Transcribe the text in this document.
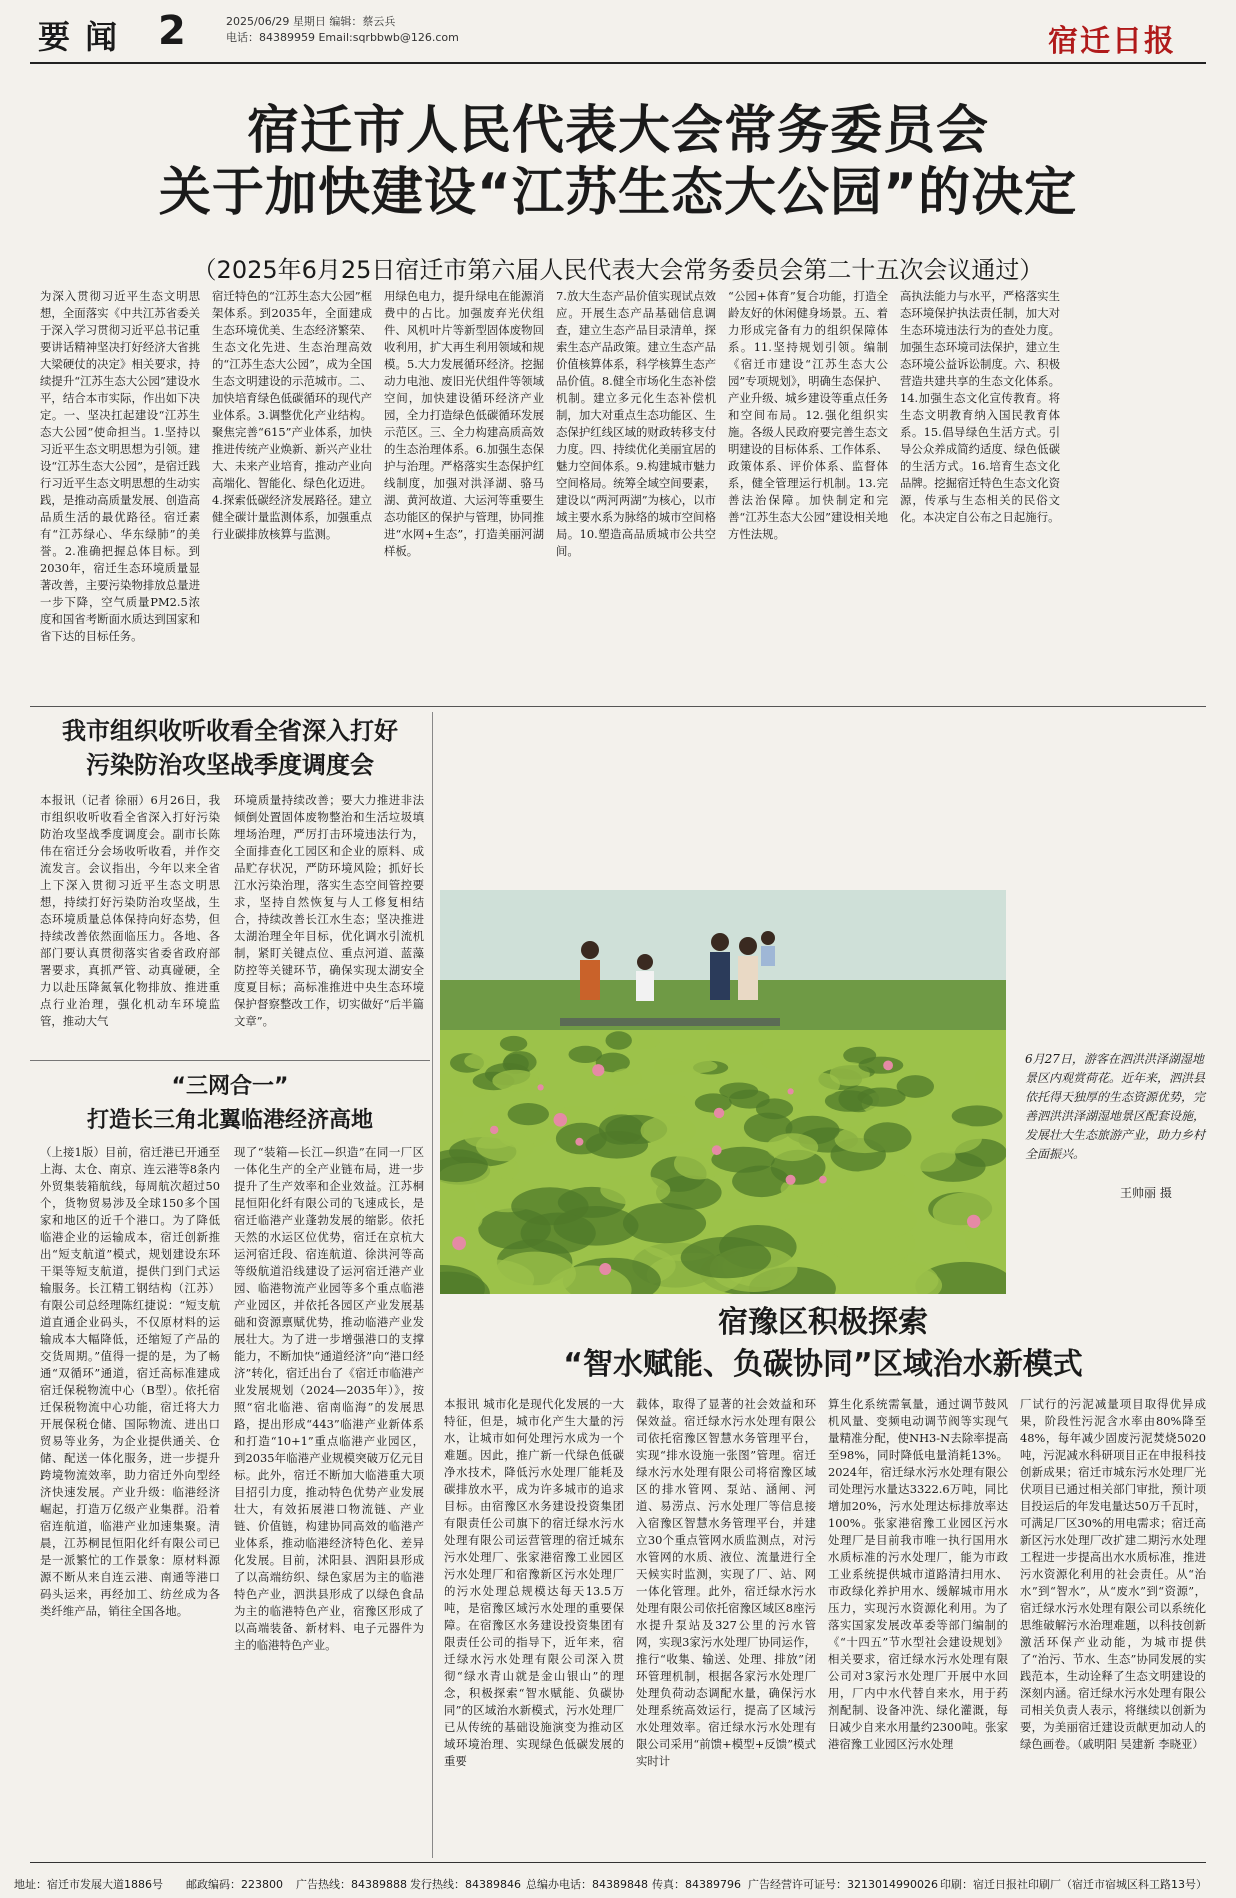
要 闻 2	2025/06/29 星期日 编辑：蔡云兵
电话：84389959 Email:sqrbbwb@126.com	宿迁日报
宿迁市人民代表大会常务委员会
关于加快建设“江苏生态大公园”的决定
（2025年6月25日宿迁市第六届人民代表大会常务委员会第二十五次会议通过）
为深入贯彻习近平生态文明思想，全面落实《中共江苏省委关于深入学习贯彻习近平总书记重要讲话精神坚决打好经济大省挑大梁硬仗的决定》相关要求，持续提升“江苏生态大公园”建设水平，结合本市实际，作出如下决定。一、坚决扛起建设“江苏生态大公园”使命担当。1.坚持以习近平生态文明思想为引领。建设“江苏生态大公园”，是宿迁践行习近平生态文明思想的生动实践，是推动高质量发展、创造高品质生活的最优路径。宿迁素有“江苏绿心、华东绿肺”的美誉。2.准确把握总体目标。到2030年，宿迁生态环境质量显著改善，主要污染物排放总量进一步下降，空气质量PM2.5浓度和国省考断面水质达到国家和省下达的目标任务。
宿迁特色的“江苏生态大公园”框架体系。到2035年，全面建成生态环境优美、生态经济繁荣、生态文化先进、生态治理高效的“江苏生态大公园”，成为全国生态文明建设的示范城市。二、加快培育绿色低碳循环的现代产业体系。3.调整优化产业结构。聚焦完善“615”产业体系，加快推进传统产业焕新、新兴产业壮大、未来产业培育，推动产业向高端化、智能化、绿色化迈进。4.探索低碳经济发展路径。建立健全碳计量监测体系，加强重点行业碳排放核算与监测。
用绿色电力，提升绿电在能源消费中的占比。加强废弃光伏组件、风机叶片等新型固体废物回收利用，扩大再生利用领域和规模。5.大力发展循环经济。挖掘动力电池、废旧光伏组件等领域空间，加快建设循环经济产业园，全力打造绿色低碳循环发展示范区。三、全力构建高质高效的生态治理体系。6.加强生态保护与治理。严格落实生态保护红线制度，加强对洪泽湖、骆马湖、黄河故道、大运河等重要生态功能区的保护与管理，协同推进“水网+生态”，打造美丽河湖样板。
7.放大生态产品价值实现试点效应。开展生态产品基础信息调查，建立生态产品目录清单，探索生态产品政策。建立生态产品价值核算体系，科学核算生态产品价值。8.健全市场化生态补偿机制。建立多元化生态补偿机制，加大对重点生态功能区、生态保护红线区域的财政转移支付力度。四、持续优化美丽宜居的魅力空间体系。9.构建城市魅力空间格局。统筹全域空间要素，建设以“两河两湖”为核心，以市域主要水系为脉络的城市空间格局。10.塑造高品质城市公共空间。
“公园+体育”复合功能，打造全龄友好的休闲健身场景。五、着力形成完备有力的组织保障体系。11.坚持规划引领。编制《宿迁市建设“江苏生态大公园”专项规划》，明确生态保护、产业升级、城乡建设等重点任务和空间布局。12.强化组织实施。各级人民政府要完善生态文明建设的目标体系、工作体系、政策体系、评价体系、监督体系，健全管理运行机制。13.完善法治保障。加快制定和完善“江苏生态大公园”建设相关地方性法规。
高执法能力与水平，严格落实生态环境保护执法责任制，加大对生态环境违法行为的查处力度。加强生态环境司法保护，建立生态环境公益诉讼制度。六、积极营造共建共享的生态文化体系。14.加强生态文化宣传教育。将生态文明教育纳入国民教育体系。15.倡导绿色生活方式。引导公众养成简约适度、绿色低碳的生活方式。16.培育生态文化品牌。挖掘宿迁特色生态文化资源，传承与生态相关的民俗文化。本决定自公布之日起施行。
我市组织收听收看全省深入打好
污染防治攻坚战季度调度会
本报讯（记者 徐丽）6月26日，我市组织收听收看全省深入打好污染防治攻坚战季度调度会。副市长陈伟在宿迁分会场收听收看，并作交流发言。会议指出，今年以来全省上下深入贯彻习近平生态文明思想，持续打好污染防治攻坚战，生态环境质量总体保持向好态势，但持续改善依然面临压力。各地、各部门要认真贯彻落实省委省政府部署要求，真抓严管、动真碰硬，全力以赴压降氮氧化物排放、推进重点行业治理，强化机动车环境监管，推动大气
环境质量持续改善；要大力推进非法倾倒处置固体废物整治和生活垃圾填埋场治理，严厉打击环境违法行为，全面排查化工园区和企业的原料、成品贮存状况，严防环境风险；抓好长江水污染治理，落实生态空间管控要求，坚持自然恢复与人工修复相结合，持续改善长江水生态；坚决推进太湖治理全年目标，优化调水引流机制，紧盯关键点位、重点河道、蓝藻防控等关键环节，确保实现太湖安全度夏目标；高标准推进中央生态环境保护督察整改工作，切实做好“后半篇文章”。
“三网合一”
打造长三角北翼临港经济高地
（上接1版）目前，宿迁港已开通至上海、太仓、南京、连云港等8条内外贸集装箱航线，每周航次超过50个，货物贸易涉及全球150多个国家和地区的近千个港口。为了降低临港企业的运输成本，宿迁创新推出“短支航道”模式，规划建设东环干渠等短支航道，提供门到门式运输服务。长江精工钢结构（江苏）有限公司总经理陈红捷说：“短支航道直通企业码头，不仅原材料的运输成本大幅降低，还缩短了产品的交货周期。”值得一提的是，为了畅通“双循环”通道，宿迁高标准建成宿迁保税物流中心（B型）。依托宿迁保税物流中心功能，宿迁将大力开展保税仓储、国际物流、进出口贸易等业务，为企业提供通关、仓储、配送一体化服务，进一步提升跨境物流效率，助力宿迁外向型经济快速发展。产业升级：临港经济崛起，打造万亿级产业集群。沿着宿连航道，临港产业加速集聚。清晨，江苏桐昆恒阳化纤有限公司已是一派繁忙的工作景象：原材料源源不断从来自连云港、南通等港口码头运来，再经加工、纺丝成为各类纤维产品，销往全国各地。
现了“装箱—长江—织造”在同一厂区一体化生产的全产业链布局，进一步提升了生产效率和企业效益。江苏桐昆恒阳化纤有限公司的飞速成长，是宿迁临港产业蓬勃发展的缩影。依托天然的水运区位优势，宿迁在京杭大运河宿迁段、宿连航道、徐洪河等高等级航道沿线建设了运河宿迁港产业园、临港物流产业园等多个重点临港产业园区，并依托各园区产业发展基础和资源禀赋优势，推动临港产业发展壮大。为了进一步增强港口的支撑能力，不断加快“通道经济”向“港口经济”转化，宿迁出台了《宿迁市临港产业发展规划（2024—2035年）》，按照“宿北临港、宿南临海”的发展思路，提出形成“443”临港产业新体系和打造“10+1”重点临港产业园区，到2035年临港产业规模突破万亿元目标。此外，宿迁不断加大临港重大项目招引力度，推动特色优势产业发展壮大，有效拓展港口物流链、产业链、价值链，构建协同高效的临港产业体系，推动临港经济特色化、差异化发展。目前，沭阳县、泗阳县形成了以高端纺织、绿色家居为主的临港特色产业，泗洪县形成了以绿色食品为主的临港特色产业，宿豫区形成了以高端装备、新材料、电子元器件为主的临港特色产业。
6月27日，游客在泗洪洪泽湖湿地景区内观赏荷花。近年来，泗洪县依托得天独厚的生态资源优势，完善泗洪洪泽湖湿地景区配套设施，发展壮大生态旅游产业，助力乡村全面振兴。
王帅丽 摄
宿豫区积极探索
“智水赋能、负碳协同”区域治水新模式
本报讯 城市化是现代化发展的一大特征，但是，城市化产生大量的污水，让城市如何处理污水成为一个难题。因此，推广新一代绿色低碳净水技术，降低污水处理厂能耗及碳排放水平，成为许多城市的追求目标。由宿豫区水务建设投资集团有限责任公司旗下的宿迁绿水污水处理有限公司运营管理的宿迁城东污水处理厂、张家港宿豫工业园区污水处理厂和宿豫新区污水处理厂的污水处理总规模达每天13.5万吨，是宿豫区域污水处理的重要保障。在宿豫区水务建设投资集团有限责任公司的指导下，近年来，宿迁绿水污水处理有限公司深入贯彻“绿水青山就是金山银山”的理念，积极探索“智水赋能、负碳协同”的区域治水新模式，污水处理厂已从传统的基础设施演变为推动区域环境治理、实现绿色低碳发展的重要
载体，取得了显著的社会效益和环保效益。宿迁绿水污水处理有限公司依托宿豫区智慧水务管理平台，实现“排水设施一张图”管理。宿迁绿水污水处理有限公司将宿豫区域区的排水管网、泵站、涵闸、河道、易涝点、污水处理厂等信息接入宿豫区智慧水务管理平台，并建立30个重点管网水质监测点，对污水管网的水质、液位、流量进行全天候实时监测，实现了厂、站、网一体化管理。此外，宿迁绿水污水处理有限公司依托宿豫区域区8座污水提升泵站及327公里的污水管网，实现3家污水处理厂协同运作，推行“收集、输送、处理、排放”闭环管理机制，根据各家污水处理厂处理负荷动态调配水量，确保污水处理系统高效运行，提高了区域污水处理效率。宿迁绿水污水处理有限公司采用“前馈+模型+反馈”模式实时计
算生化系统需氧量，通过调节鼓风机风量、变频电动调节阀等实现气量精准分配，使NH3-N去除率提高至98%，同时降低电量消耗13%。2024年，宿迁绿水污水处理有限公司处理污水量达3322.6万吨，同比增加20%，污水处理达标排放率达100%。张家港宿豫工业园区污水处理厂是目前我市唯一执行国用水水质标准的污水处理厂，能为市政工业系统提供城市道路清扫用水、市政绿化养护用水、缓解城市用水压力，实现污水资源化利用。为了落实国家发展改革委等部门编制的《“十四五”节水型社会建设规划》相关要求，宿迁绿水污水处理有限公司对3家污水处理厂开展中水回用，厂内中水代替自来水，用于药剂配制、设备冲洗、绿化灌溉，每日减少自来水用量约2300吨。张家港宿豫工业园区污水处理
厂试行的污泥减量项目取得优异成果，阶段性污泥含水率由80%降至48%，每年减少固废污泥焚烧5020吨，污泥减水科研项目正在申报科技创新成果；宿迁市城东污水处理厂光伏项目已通过相关部门审批，预计项目投运后的年发电量达50万千瓦时，可满足厂区30%的用电需求；宿迁高新区污水处理厂改扩建二期污水处理工程进一步提高出水水质标准，推进污水资源化利用的社会责任。从“治水”到“智水”，从“废水”到“资源”，宿迁绿水污水处理有限公司以系统化思维破解污水治理难题，以科技创新激活环保产业动能，为城市提供了“治污、节水、生态”协同发展的实践范本，生动诠释了生态文明建设的深刻内涵。宿迁绿水污水处理有限公司相关负责人表示，将继续以创新为要，为美丽宿迁建设贡献更加动人的绿色画卷。（戚明阳 吴建新 李晓亚）
地址：宿迁市发展大道1886号 邮政编码：223800 广告热线：84389888 发行热线：84389846 总编办电话：84389848 传真：84389796 广告经营许可证号：3213014990026 印刷：宿迁日报社印刷厂（宿迁市宿城区科工路13号）
